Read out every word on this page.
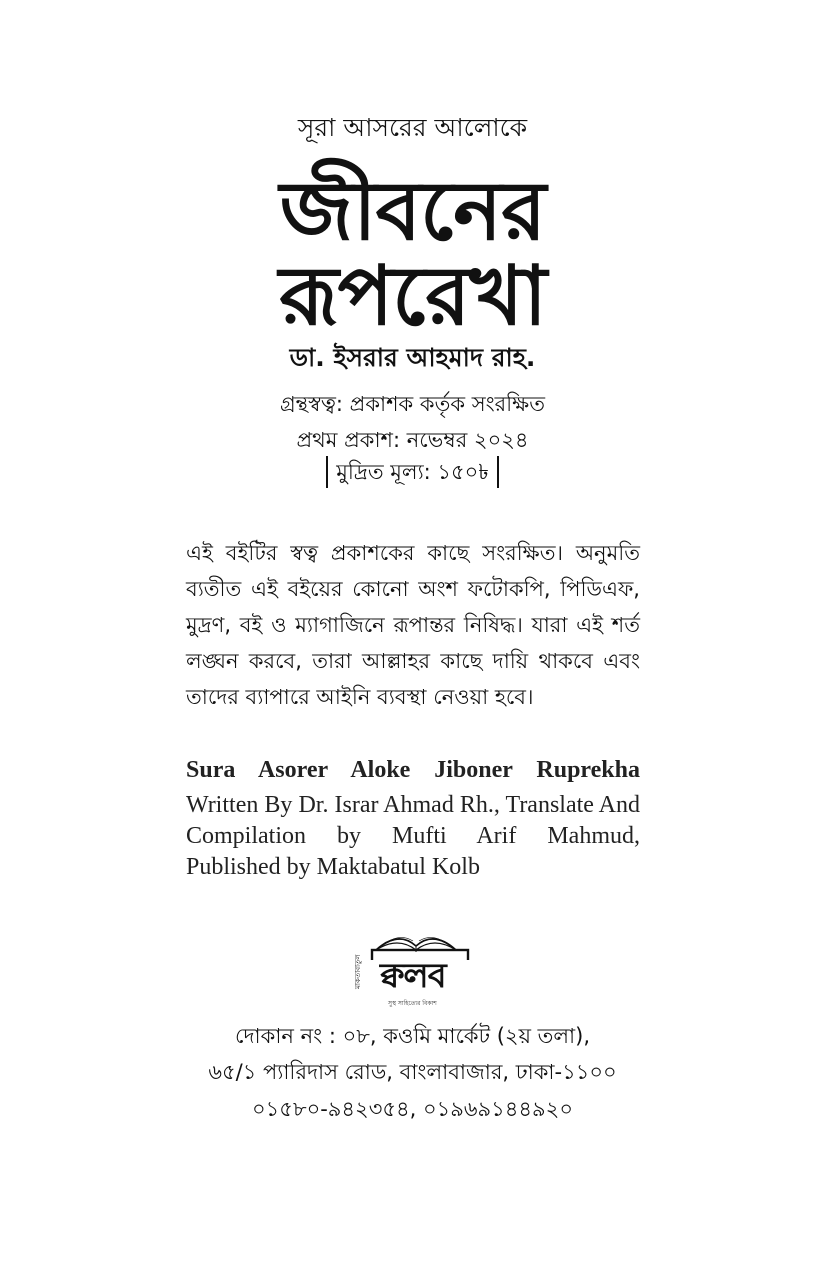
সূরা আসরের আলোকে
জীবনের
রূপরেখা
ডা. ইসরার আহমাদ রাহ.
গ্রন্থস্বত্ব: প্রকাশক কর্তৃক সংরক্ষিত
প্রথম প্রকাশ: নভেম্বর ২০২৪
মুদ্রিত মূল্য: ১৫০৳
এই বইটির স্বত্ব প্রকাশকের কাছে সংরক্ষিত। অনুমতি ব্যতীত এই বইয়ের কোনো অংশ ফটোকপি, পিডিএফ, মুদ্রণ, বই ও ম্যাগাজিনে রূপান্তর নিষিদ্ধ। যারা এই শর্ত লঙ্ঘন করবে, তারা আল্লাহর কাছে দায়ি থাকবে এবং তাদের ব্যাপারে আইনি ব্যবস্থা নেওয়া হবে।
Sura Asorer Aloke Jiboner Ruprekha
Written By Dr. Israr Ahmad Rh., Translate And Compilation by Mufti Arif Mahmud, Published by Maktabatul Kolb
মাকতাবাতুল ক্বলব
সুস্থ সাহিত্যের বিকাশ
দোকান নং : ০৮, কওমি মার্কেট (২য় তলা),
৬৫/১ প্যারিদাস রোড, বাংলাবাজার, ঢাকা-১১০০
০১৫৮০-৯৪২৩৫৪, ০১৯৬৯১৪৪৯২০
